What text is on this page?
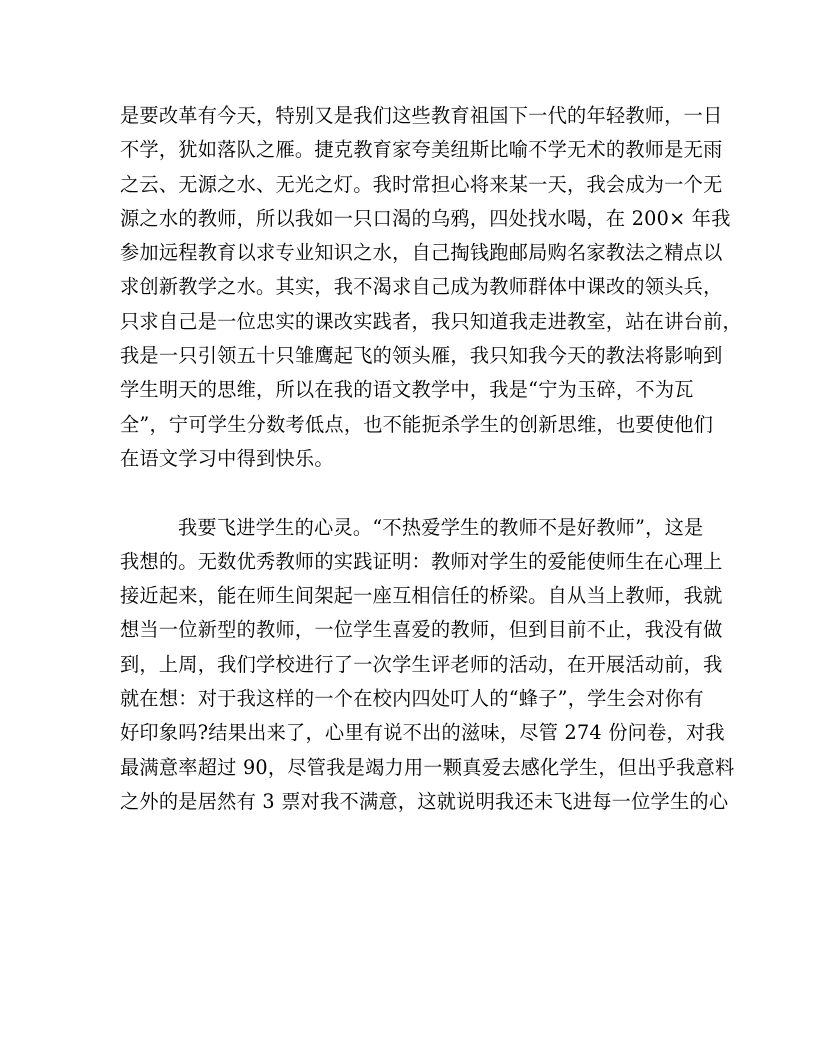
是要改革有今天，特别又是我们这些教育祖国下一代的年轻教师，一日
不学，犹如落队之雁。捷克教育家夸美纽斯比喻不学无术的教师是无雨
之云、无源之水、无光之灯。我时常担心将来某一天，我会成为一个无
源之水的教师，所以我如一只口渴的乌鸦，四处找水喝，在 200× 年我
参加远程教育以求专业知识之水，自己掏钱跑邮局购名家教法之精点以
求创新教学之水。其实，我不渴求自己成为教师群体中课改的领头兵，
只求自己是一位忠实的课改实践者，我只知道我走进教室，站在讲台前，
我是一只引领五十只雏鹰起飞的领头雁，我只知我今天的教法将影响到
学生明天的思维，所以在我的语文教学中，我是“宁为玉碎，不为瓦
全”，宁可学生分数考低点，也不能扼杀学生的创新思维，也要使他们
在语文学习中得到快乐。
我要飞进学生的心灵。“不热爱学生的教师不是好教师”，这是
我想的。无数优秀教师的实践证明：教师对学生的爱能使师生在心理上
接近起来，能在师生间架起一座互相信任的桥梁。自从当上教师，我就
想当一位新型的教师，一位学生喜爱的教师，但到目前不止，我没有做
到，上周，我们学校进行了一次学生评老师的活动，在开展活动前，我
就在想：对于我这样的一个在校内四处叮人的“蜂子”，学生会对你有
好印象吗?结果出来了，心里有说不出的滋味，尽管 274 份问卷，对我
最满意率超过 90，尽管我是竭力用一颗真爱去感化学生，但出乎我意料
之外的是居然有 3 票对我不满意，这就说明我还未飞进每一位学生的心
